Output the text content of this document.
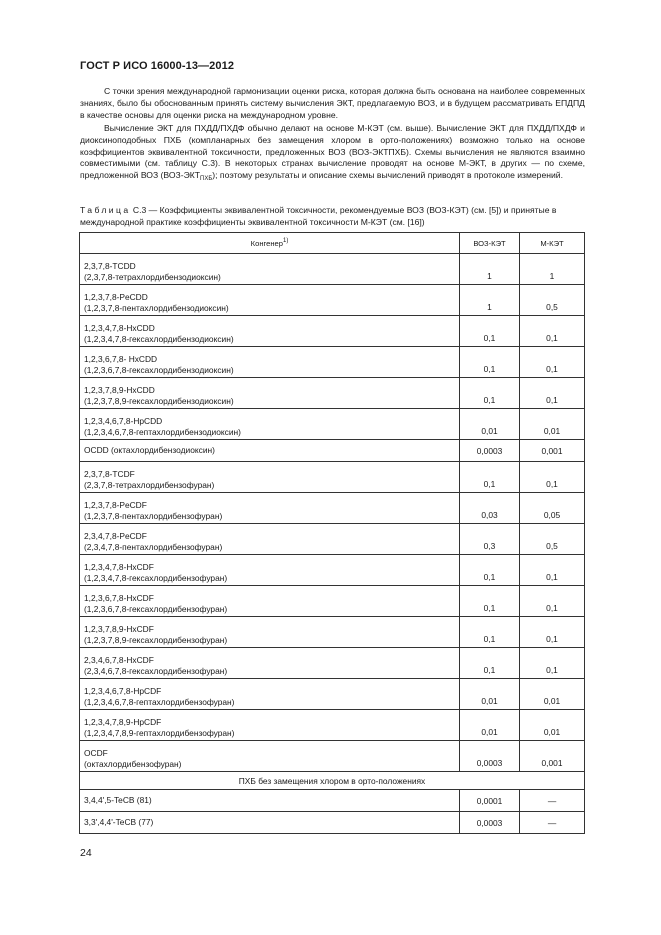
ГОСТ Р ИСО 16000-13—2012

С точки зрения международной гармонизации оценки риска, которая должна быть основана на наиболее современных знаниях, было бы обоснованным принять систему вычисления ЭКТ, предлагаемую ВОЗ, и в будущем рассматривать ЕПДПД в качестве основы для оценки риска на международном уровне.

Вычисление ЭКТ для ПХДД/ПХДФ обычно делают на основе М-КЭТ (см. выше). Вычисление ЭКТ для ПХДД/ПХДФ и диоксиноподобных ПХБ (компланарных без замещения хлором в орто-положениях) возможно только на основе коэффициентов эквивалентной токсичности, предложенных ВОЗ (ВОЗ-ЭКТПХБ). Схемы вычисления не являются взаимно совместимыми (см. таблицу С.3). В некоторых странах вычисление проводят на основе М-ЭКТ, в других — по схеме, предложенной ВОЗ $(ВОЗ-ЭКТ_{ПХБ})$; поэтому результаты и описание схемы вычислений приводят в протоколе измерений.

Таблица С.3 — Коэффициенты эквивалентной токсичности, рекомендуемые ВОЗ (ВОЗ-КЭТ) (см. [5]) и принятые в международной практике коэффициенты эквивалентной токсичности М-КЭТ (см. [16])
Конгенер$^{1)}$	ВОЗ-КЭТ	М-КЭТ

2,3,7,8-TCDD
(2,3,7,8-тетрахлордибензодиоксин)	1	1

1,2,3,7,8-PeCDD
(1,2,3,7,8-пентахлордибензодиоксин)	1	0,5

1,2,3,4,7,8-HxCDD
(1,2,3,4,7,8-гексахлордибензодиоксин)	0,1	0,1

1,2,3,6,7,8- HxCDD
(1,2,3,6,7,8-гексахлордибензодиоксин)	0,1	0,1

1,2,3,7,8,9-HxCDD
(1,2,3,7,8,9-гексахлордибензодиоксин)	0,1	0,1

1,2,3,4,6,7,8-HpCDD
(1,2,3,4,6,7,8-гептахлордибензодиоксин)	0,01	0,01

OCDD (октахлордибензодиоксин)	0,0003	0,001

2,3,7,8-TCDF
(2,3,7,8-тетрахлордибензофуран)	0,1	0,1

1,2,3,7,8-PeCDF
(1,2,3,7,8-пентахлордибензофуран)	0,03	0,05

2,3,4,7,8-PeCDF
(2,3,4,7,8-пентахлордибензофуран)	0,3	0,5

1,2,3,4,7,8-HxCDF
(1,2,3,4,7,8-гексахлордибензофуран)	0,1	0,1

1,2,3,6,7,8-HxCDF
(1,2,3,6,7,8-гексахлордибензофуран)	0,1	0,1

1,2,3,7,8,9-HxCDF
(1,2,3,7,8,9-гексахлордибензофуран)	0,1	0,1

2,3,4,6,7,8-HxCDF
(2,3,4,6,7,8-гексахлордибензофуран)	0,1	0,1

1,2,3,4,6,7,8-HpCDF
(1,2,3,4,6,7,8-гептахлордибензофуран)	0,01	0,01

1,2,3,4,7,8,9-HpCDF
(1,2,3,4,7,8,9-гептахлордибензофуран)	0,01	0,01

OCDF
(октахлордибензофуран)	0,0003	0,001
ПХБ без замещения хлором в орто-положениях		

3,4,4',5-TeCB (81)	0,0001	—

3,3',4,4'-TeCB (77)	0,0003	—
24
